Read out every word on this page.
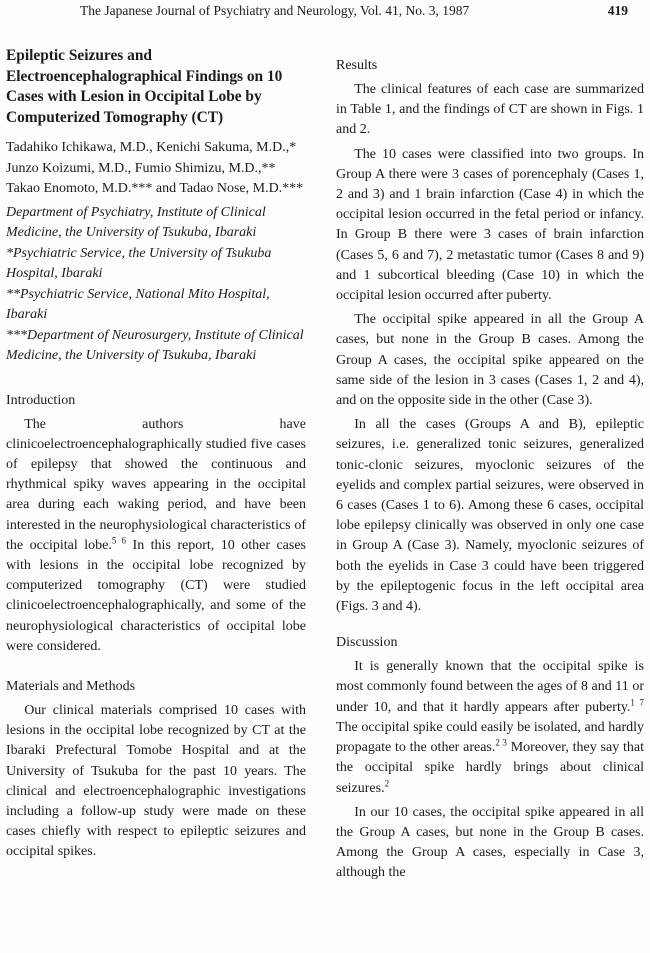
The Japanese Journal of Psychiatry and Neurology, Vol. 41, No. 3, 1987	419
Epileptic Seizures and Electroencephalographical Findings on 10 Cases with Lesion in Occipital Lobe by Computerized Tomography (CT)

Tadahiko Ichikawa, M.D., Kenichi Sakuma, M.D.,* Junzo Koizumi, M.D., Fumio Shimizu, M.D.,** Takao Enomoto, M.D.*** and Tadao Nose, M.D.***

Department of Psychiatry, Institute of Clinical Medicine, the University of Tsukuba, Ibaraki

*Psychiatric Service, the University of Tsukuba Hospital, Ibaraki

**Psychiatric Service, National Mito Hospital, Ibaraki

***Department of Neurosurgery, Institute of Clinical Medicine, the University of Tsukuba, Ibaraki

Introduction

The authors have clinicoelectroencephalographically studied five cases of epilepsy that showed the continuous and rhythmical spiky waves appearing in the occipital area during each waking period, and have been interested in the neurophysiological characteristics of the occipital lobe.$^{5 6}$ In this report, 10 other cases with lesions in the occipital lobe recognized by computerized tomography (CT) were studied clinicoelectroencephalographically, and some of the neurophysiological characteristics of occipital lobe were considered.

Materials and Methods

Our clinical materials comprised 10 cases with lesions in the occipital lobe recognized by CT at the Ibaraki Prefectural Tomobe Hospital and at the University of Tsukuba for the past 10 years. The clinical and electroencephalographic investigations including a follow-up study were made on these cases chiefly with respect to epileptic seizures and occipital spikes.

Results

The clinical features of each case are summarized in Table 1, and the findings of CT are shown in Figs. 1 and 2.

The 10 cases were classified into two groups. In Group A there were 3 cases of porencephaly (Cases 1, 2 and 3) and 1 brain infarction (Case 4) in which the occipital lesion occurred in the fetal period or infancy. In Group B there were 3 cases of brain infarction (Cases 5, 6 and 7), 2 metastatic tumor (Cases 8 and 9) and 1 subcortical bleeding (Case 10) in which the occipital lesion occurred after puberty.

The occipital spike appeared in all the Group A cases, but none in the Group B cases. Among the Group A cases, the occipital spike appeared on the same side of the lesion in 3 cases (Cases 1, 2 and 4), and on the opposite side in the other (Case 3).

In all the cases (Groups A and B), epileptic seizures, i.e. generalized tonic seizures, generalized tonic-clonic seizures, myoclonic seizures of the eyelids and complex partial seizures, were observed in 6 cases (Cases 1 to 6). Among these 6 cases, occipital lobe epilepsy clinically was observed in only one case in Group A (Case 3). Namely, myoclonic seizures of both the eyelids in Case 3 could have been triggered by the epileptogenic focus in the left occipital area (Figs. 3 and 4).

Discussion

It is generally known that the occipital spike is most commonly found between the ages of 8 and 11 or under 10, and that it hardly appears after puberty.$^{1 7}$ The occipital spike could easily be isolated, and hardly propagate to the other areas.$^{2 3}$ Moreover, they say that the occipital spike hardly brings about clinical seizures.$^2$

In our 10 cases, the occipital spike appeared in all the Group A cases, but none in the Group B cases. Among the Group A cases, especially in Case 3, although the
